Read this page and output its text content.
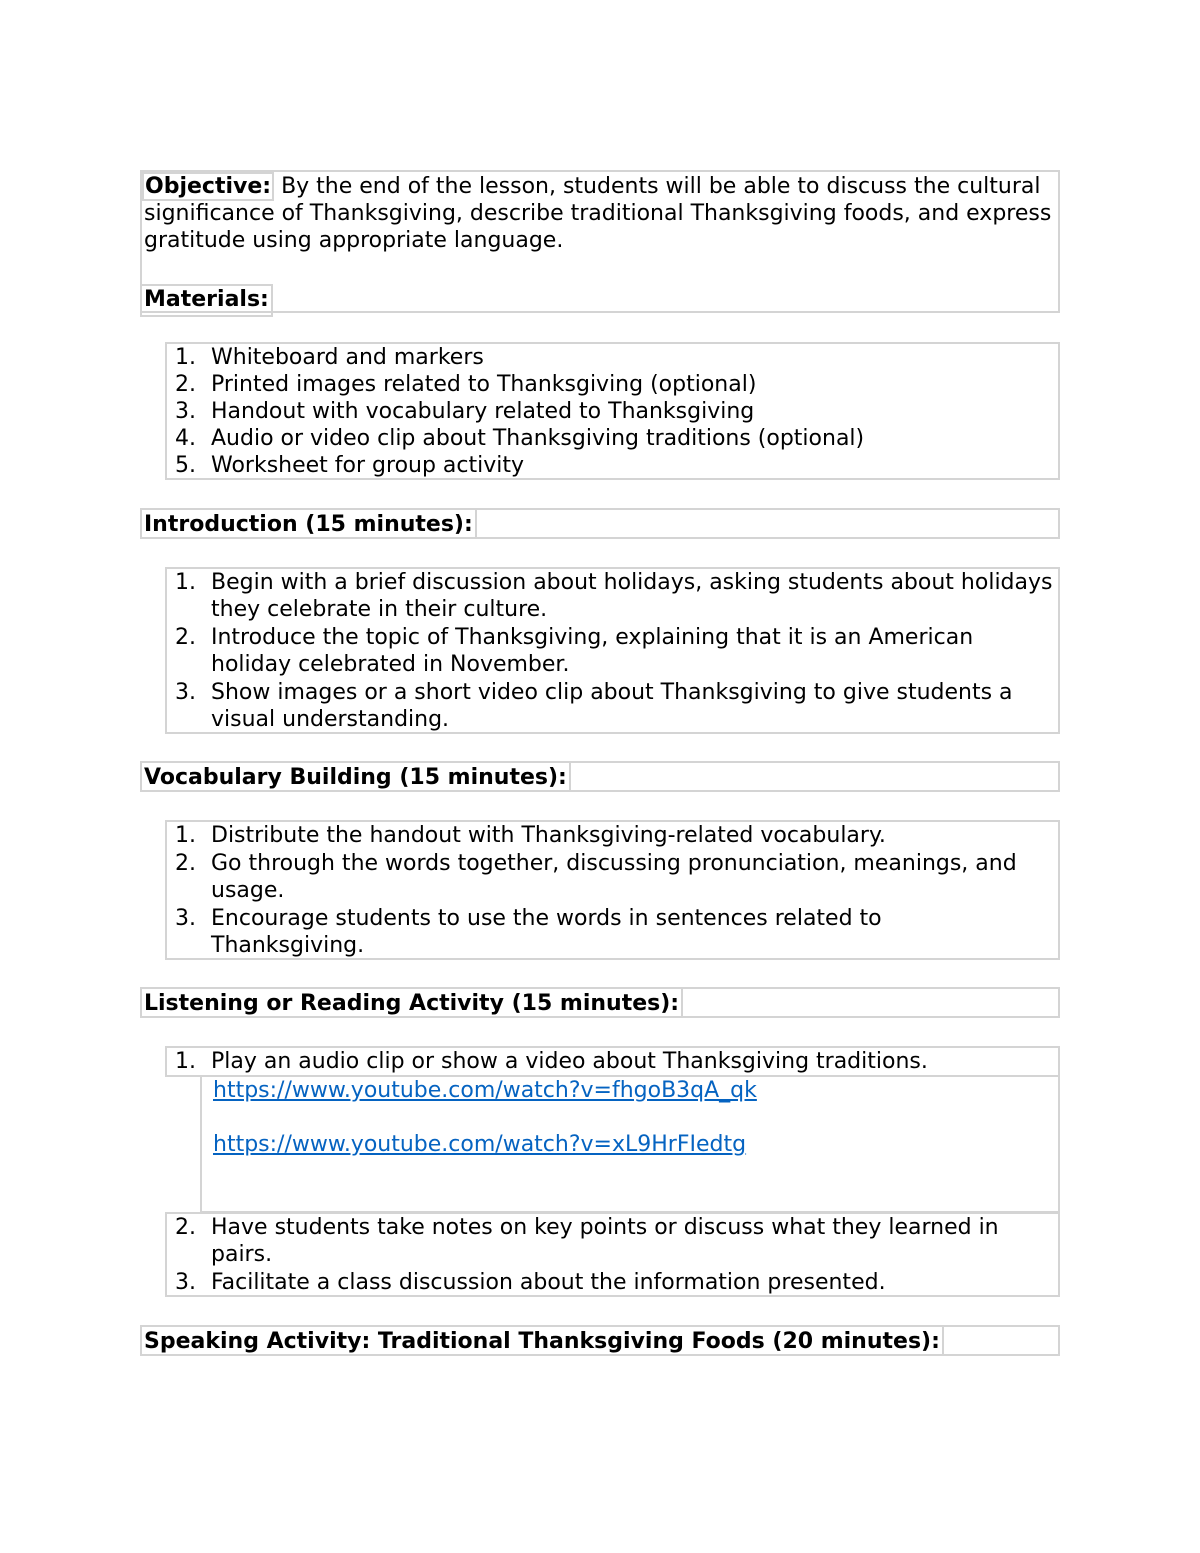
Objective: By the end of the lesson, students will be able to discuss the cultural significance of Thanksgiving, describe traditional Thanksgiving foods, and express gratitude using appropriate language.

Materials:
1. Whiteboard and markers
2. Printed images related to Thanksgiving (optional)
3. Handout with vocabulary related to Thanksgiving
4. Audio or video clip about Thanksgiving traditions (optional)
5. Worksheet for group activity
Introduction (15 minutes):
1. Begin with a brief discussion about holidays, asking students about holidays they celebrate in their culture.
2. Introduce the topic of Thanksgiving, explaining that it is an American holiday celebrated in November.
3. Show images or a short video clip about Thanksgiving to give students a visual understanding.
Vocabulary Building (15 minutes):
1. Distribute the handout with Thanksgiving-related vocabulary.
2. Go through the words together, discussing pronunciation, meanings, and usage.
3. Encourage students to use the words in sentences related to Thanksgiving.
Listening or Reading Activity (15 minutes):
1. Play an audio clip or show a video about Thanksgiving traditions.
https://www.youtube.com/watch?v=fhgoB3qA_qk
https://www.youtube.com/watch?v=xL9HrFIedtg
2. Have students take notes on key points or discuss what they learned in pairs.
3. Facilitate a class discussion about the information presented.
Speaking Activity: Traditional Thanksgiving Foods (20 minutes):
